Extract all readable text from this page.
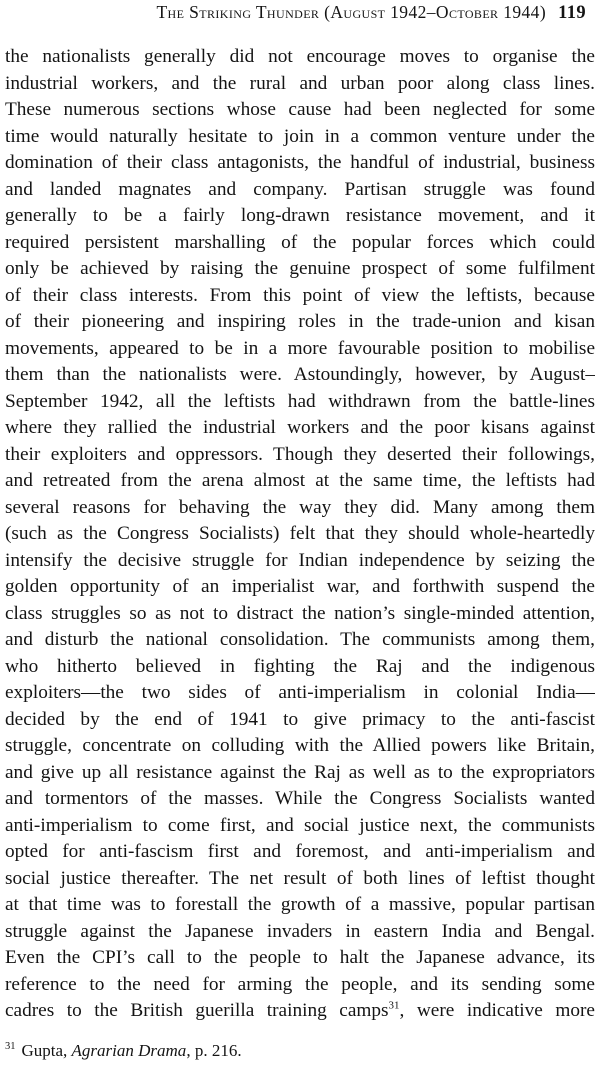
The Striking Thunder (August 1942–October 1944) 119
the nationalists generally did not encourage moves to organise the
industrial workers, and the rural and urban poor along class lines.
These numerous sections whose cause had been neglected for some
time would naturally hesitate to join in a common venture under the
domination of their class antagonists, the handful of industrial, business
and landed magnates and company. Partisan struggle was found
generally to be a fairly long-drawn resistance movement, and it
required persistent marshalling of the popular forces which could
only be achieved by raising the genuine prospect of some fulfilment
of their class interests. From this point of view the leftists, because
of their pioneering and inspiring roles in the trade-union and kisan
movements, appeared to be in a more favourable position to mobilise
them than the nationalists were. Astoundingly, however, by August–
September 1942, all the leftists had withdrawn from the battle-lines
where they rallied the industrial workers and the poor kisans against
their exploiters and oppressors. Though they deserted their followings,
and retreated from the arena almost at the same time, the leftists had
several reasons for behaving the way they did. Many among them
(such as the Congress Socialists) felt that they should whole-heartedly
intensify the decisive struggle for Indian independence by seizing the
golden opportunity of an imperialist war, and forthwith suspend the
class struggles so as not to distract the nation’s single-minded attention,
and disturb the national consolidation. The communists among them,
who hitherto believed in fighting the Raj and the indigenous
exploiters—the two sides of anti-imperialism in colonial India—
decided by the end of 1941 to give primacy to the anti-fascist
struggle, concentrate on colluding with the Allied powers like Britain,
and give up all resistance against the Raj as well as to the expropriators
and tormentors of the masses. While the Congress Socialists wanted
anti-imperialism to come first, and social justice next, the communists
opted for anti-fascism first and foremost, and anti-imperialism and
social justice thereafter. The net result of both lines of leftist thought
at that time was to forestall the growth of a massive, popular partisan
struggle against the Japanese invaders in eastern India and Bengal.
Even the CPI’s call to the people to halt the Japanese advance, its
reference to the need for arming the people, and its sending some
cadres to the British guerilla training camps$^{31}$, were indicative more
$^{31}$ Gupta, Agrarian Drama, p. 216.
